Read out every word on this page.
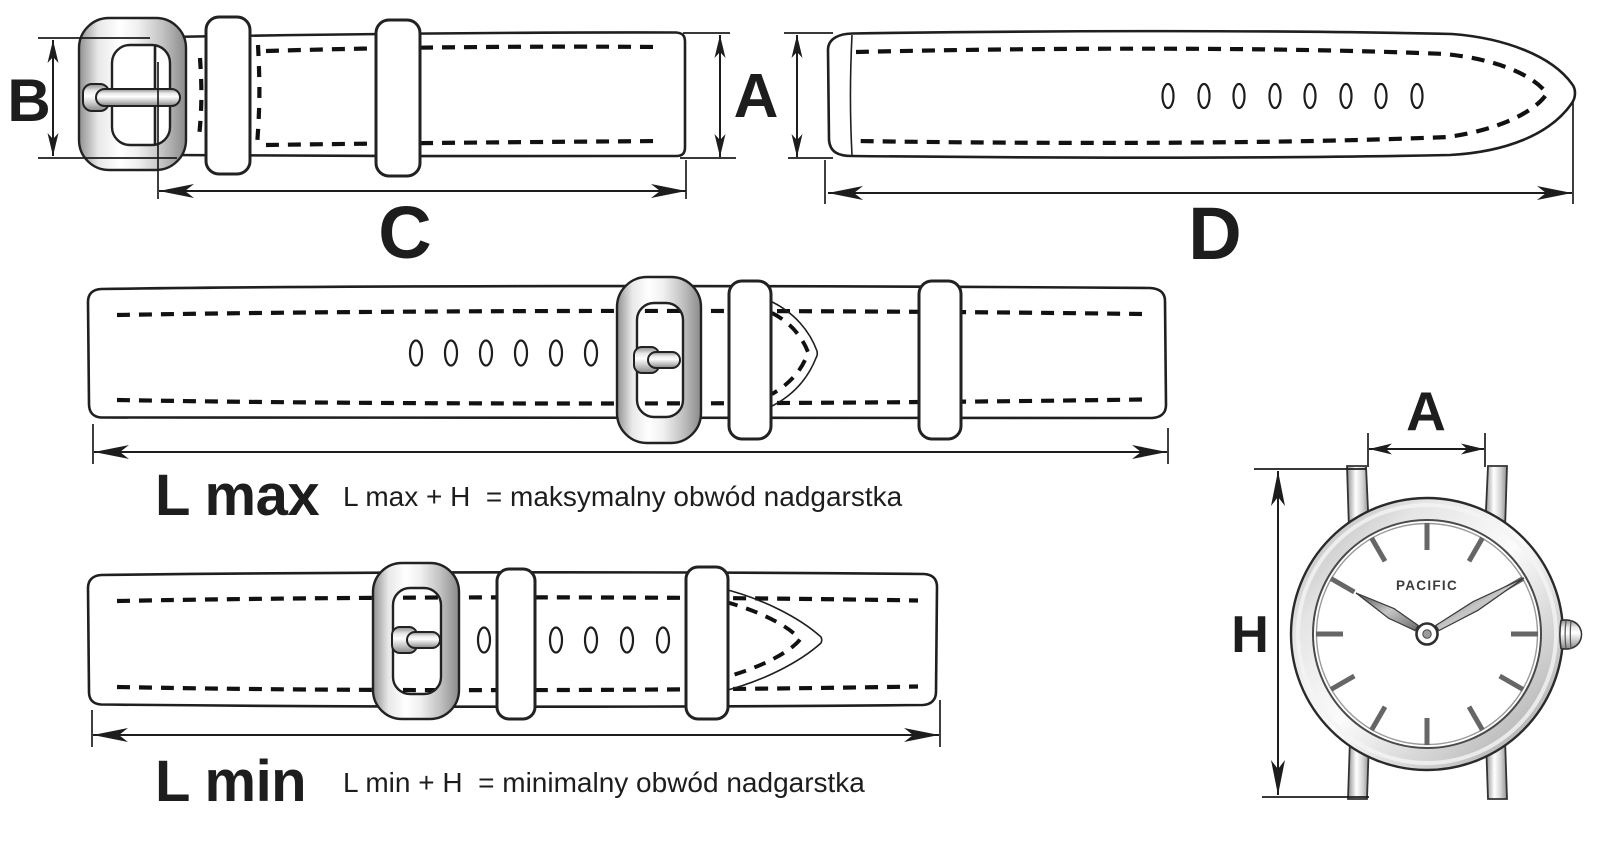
B
C
A
D
L max L max + H  = maksymalny obwód nadgarstka
L min L min + H  = minimalny obwód nadgarstka
PACIFIC
A
H
